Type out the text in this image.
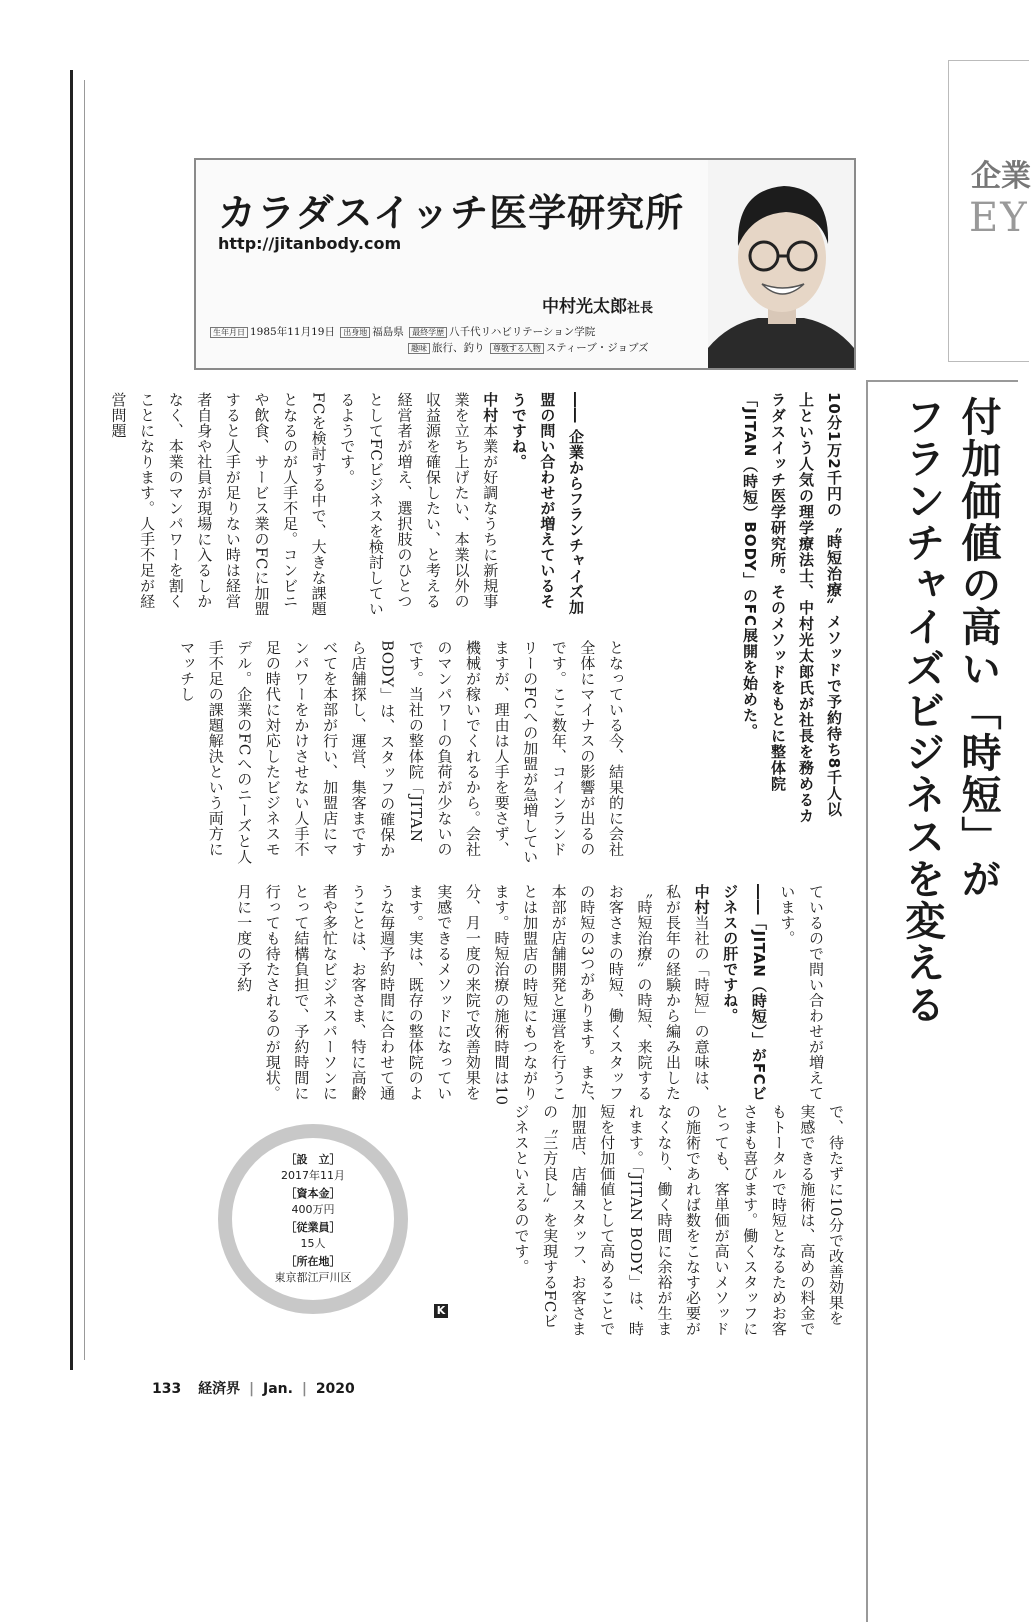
企業
EY
カラダスイッチ医学研究所
http://jitanbody.com
中村光太郎社長
生年月日 1985年11月19日 出身地 福島県 最終学歴 八千代リハビリテーション学院
趣味 旅行、釣り 尊敬する人物 スティーブ・ジョブズ
付加価値の高い「時短」が
フランチャイズビジネスを変える
10分1万2千円の〝時短治療〟メソッドで予約待ち8千人以上という人気の理学療法士、中村光太郎氏が社長を務めるカラダスイッチ医学研究所。そのメソッドをもとに整体院「JITAN（時短）BODY」のFC展開を始めた。
―― 企業からフランチャイズ加盟の問い合わせが増えているそうですね。
中村本業が好調なうちに新規事業を立ち上げたい、本業以外の収益源を確保したい、と考える経営者が増え、選択肢のひとつとしてFCビジネスを検討しているようです。
FCを検討する中で、大きな課題となるのが人手不足。コンビニや飲食、サービス業のFCに加盟すると人手が足りない時は経営者自身や社員が現場に入るしかなく、本業のマンパワーを割くことになります。人手不足が経営問題
となっている今、結果的に会社全体にマイナスの影響が出るのです。ここ数年、コインランドリーのFCへの加盟が急増していますが、理由は人手を要さず、機械が稼いでくれるから。会社のマンパワーの負荷が少ないのです。当社の整体院「JITAN BODY」は、スタッフの確保から店舗探し、運営、集客まですべてを本部が行い、加盟店にマンパワーをかけさせない人手不足の時代に対応したビジネスモデル。企業のFCへのニーズと人手不足の課題解決という両方にマッチし
ているので問い合わせが増えています。
――「JITAN（時短）」がFCビジネスの肝ですね。
中村当社の「時短」の意味は、私が長年の経験から編み出した〝時短治療〟の時短、来院するお客さまの時短、働くスタッフの時短の3つがあります。また、本部が店舗開発と運営を行うことは加盟店の時短にもつながります。時短治療の施術時間は10分、月一度の来院で改善効果を実感できるメソッドになっています。実は、既存の整体院のような毎週予約時間に合わせて通うことは、お客さま、特に高齢者や多忙なビジネスパーソンにとって結構負担で、予約時間に行っても待たされるのが現状。月に一度の予約
で、待たずに10分で改善効果を実感できる施術は、高めの料金でもトータルで時短となるためお客さまも喜びます。働くスタッフにとっても、客単価が高いメソッドの施術であれば数をこなす必要がなくなり、働く時間に余裕が生まれます。「JITAN BODY」は、時短を付加価値として高めることで加盟店、店舗スタッフ、お客さまの〝三方良し〟を実現するFCビジネスといえるのです。
［設　立］
2017年11月
［資本金］
400万円
［従業員］
15人
［所在地］
東京都江戸川区
K
133 経済界 | Jan. | 2020
